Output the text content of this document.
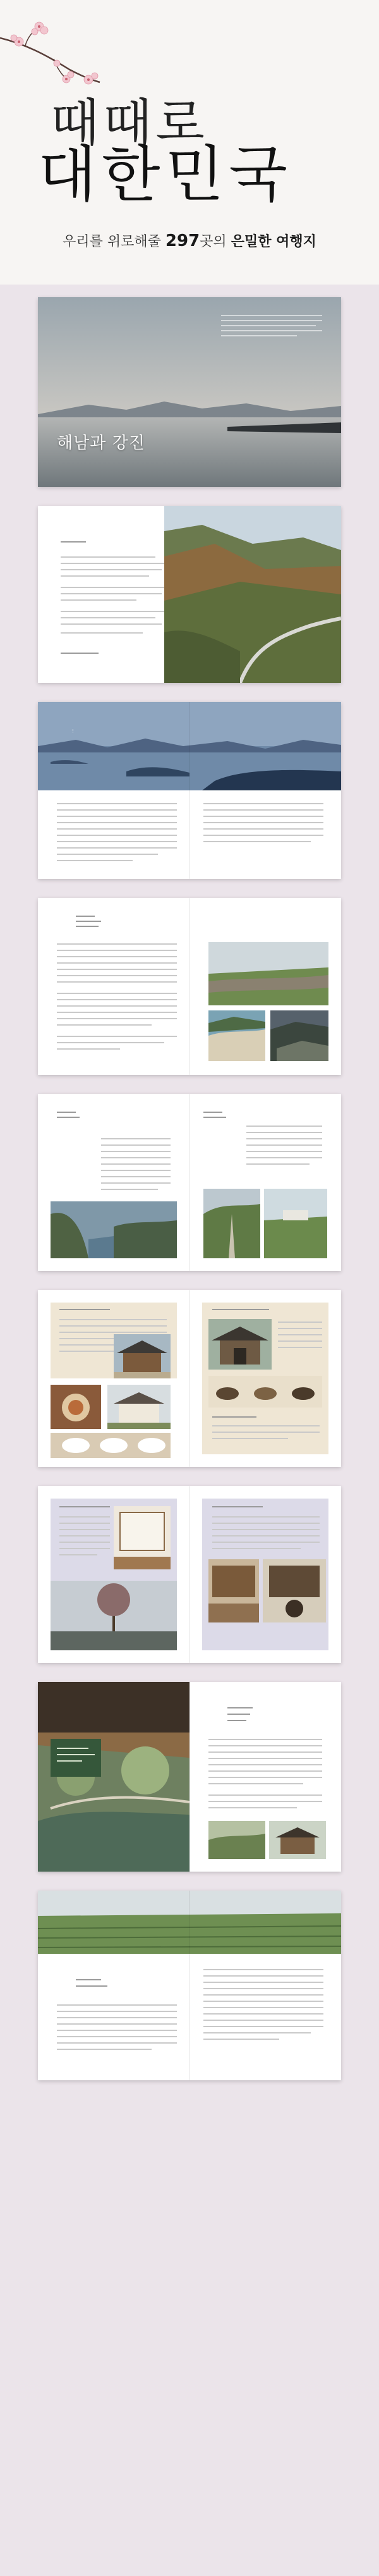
때때로
대한민국
우리를 위로해줄 297곳의 은밀한 여행지
해남과 강진
⋮
